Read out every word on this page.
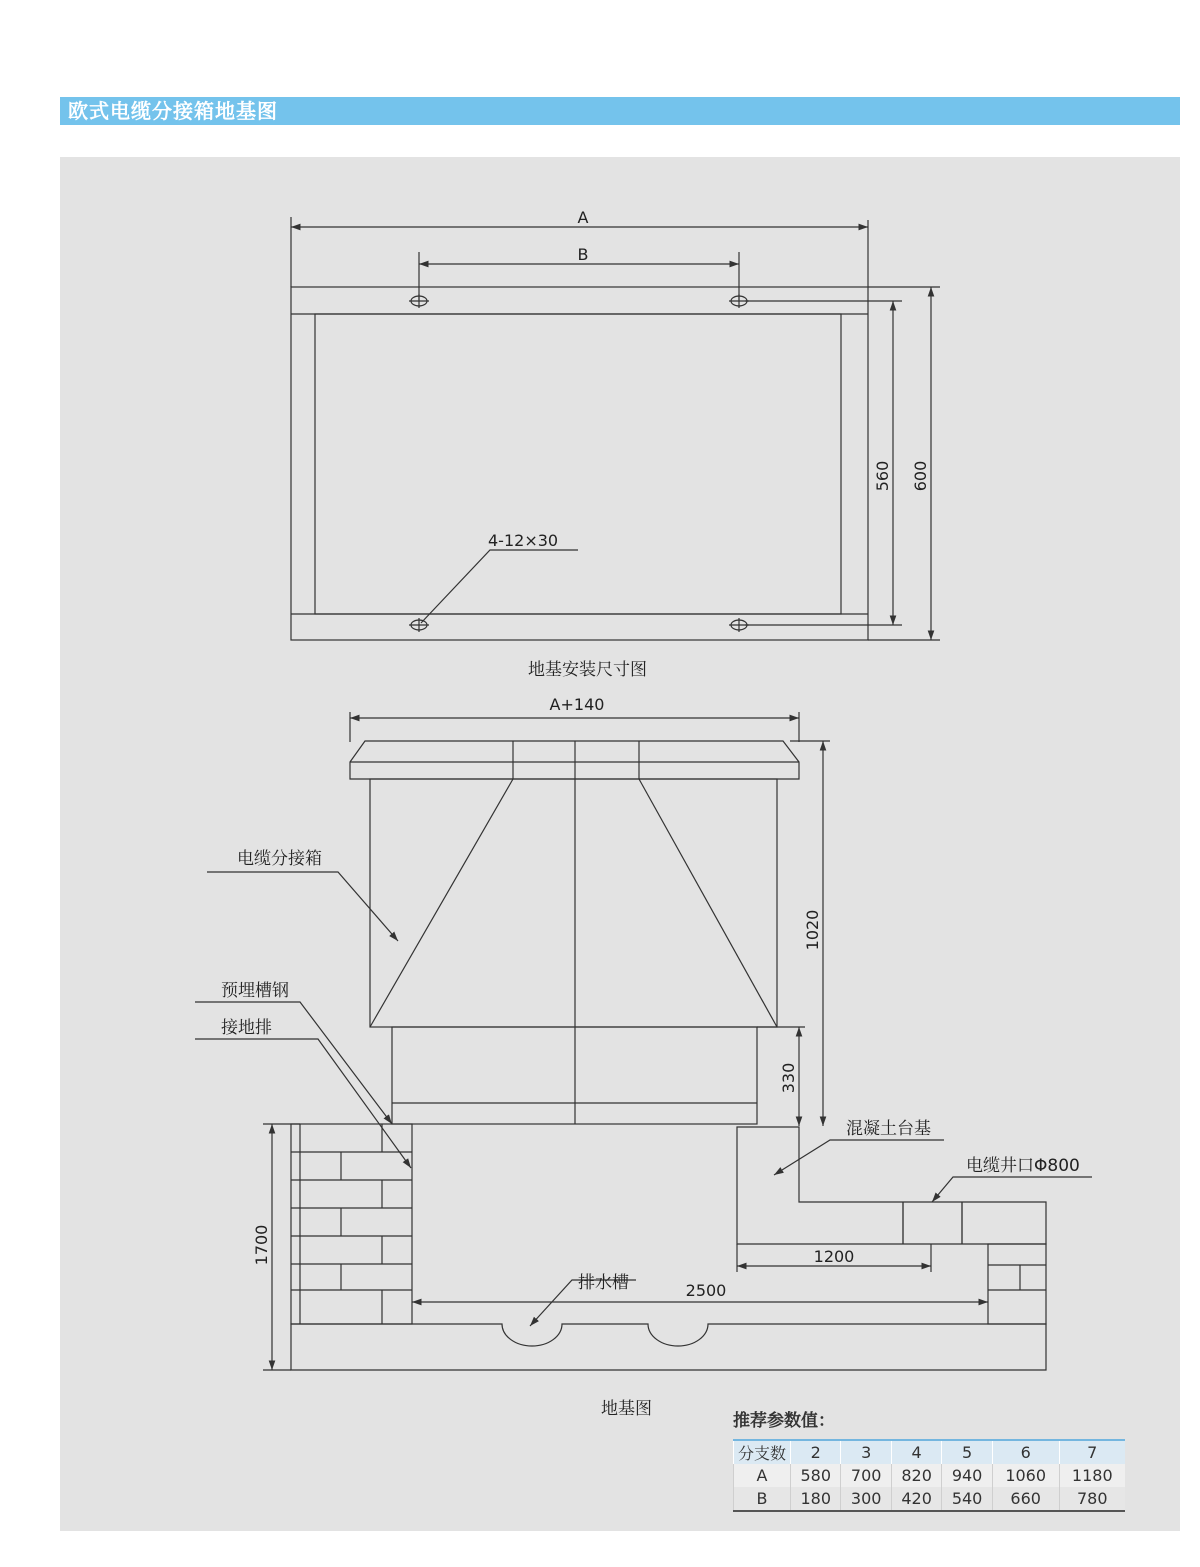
欧式电缆分接箱地基图
A
B
560 600
4-12×30
A+140
1020
330
1700	1200
2500
电缆分接箱
预埋槽钢
接地排
混凝土台基
电缆井口Φ800
排水槽
地基安装尺寸图
地基图
推荐参数值：
分支数	2	3	4	5	6	7
A	580	700	820	940	1060	1180
B	180	300	420	540	660	780
